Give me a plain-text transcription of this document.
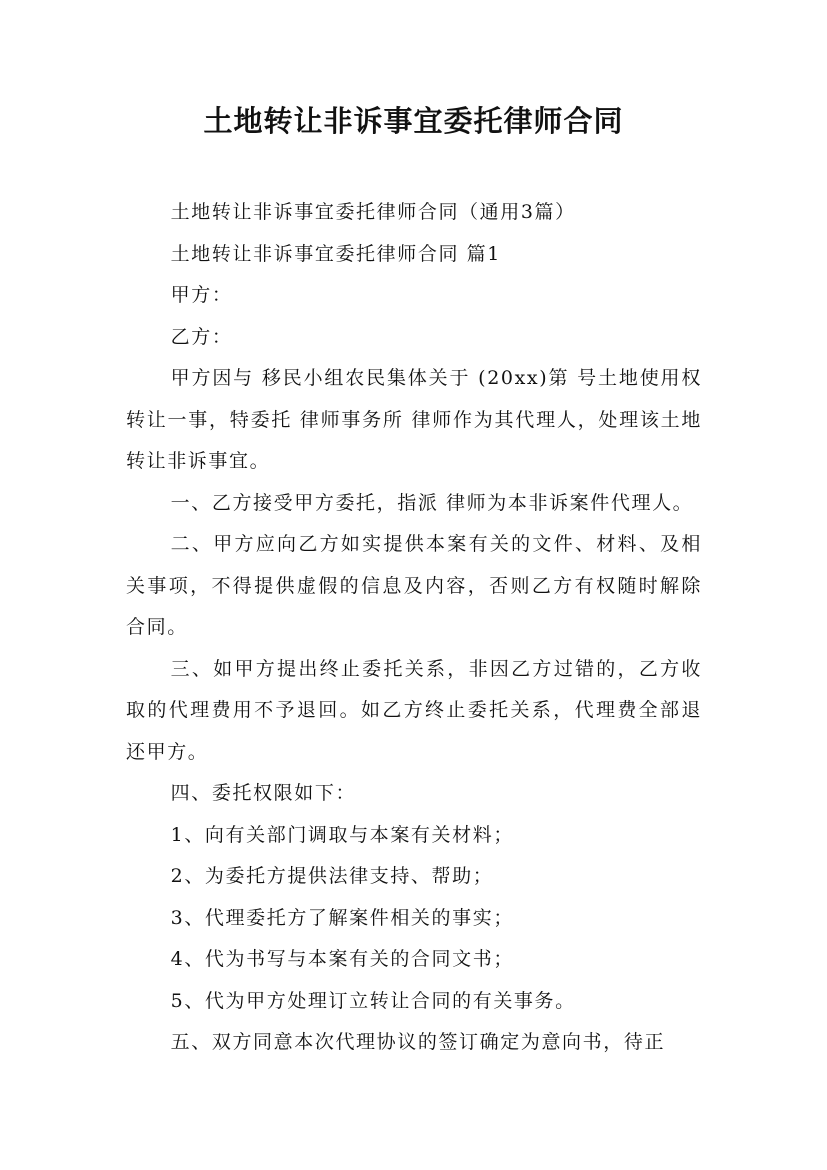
土地转让非诉事宜委托律师合同

土地转让非诉事宜委托律师合同（通用3篇）

土地转让非诉事宜委托律师合同 篇1

甲方：

乙方：

甲方因与 移民小组农民集体关于 (20xx)第 号土地使用权转让一事，特委托 律师事务所 律师作为其代理人，处理该土地转让非诉事宜。

一、乙方接受甲方委托，指派 律师为本非诉案件代理人。

二、甲方应向乙方如实提供本案有关的文件、材料、及相关事项，不得提供虚假的信息及内容，否则乙方有权随时解除合同。

三、如甲方提出终止委托关系，非因乙方过错的，乙方收取的代理费用不予退回。如乙方终止委托关系，代理费全部退还甲方。

四、委托权限如下：

1、向有关部门调取与本案有关材料；

2、为委托方提供法律支持、帮助；

3、代理委托方了解案件相关的事实；

4、代为书写与本案有关的合同文书；

5、代为甲方处理订立转让合同的有关事务。

五、双方同意本次代理协议的签订确定为意向书，待正
